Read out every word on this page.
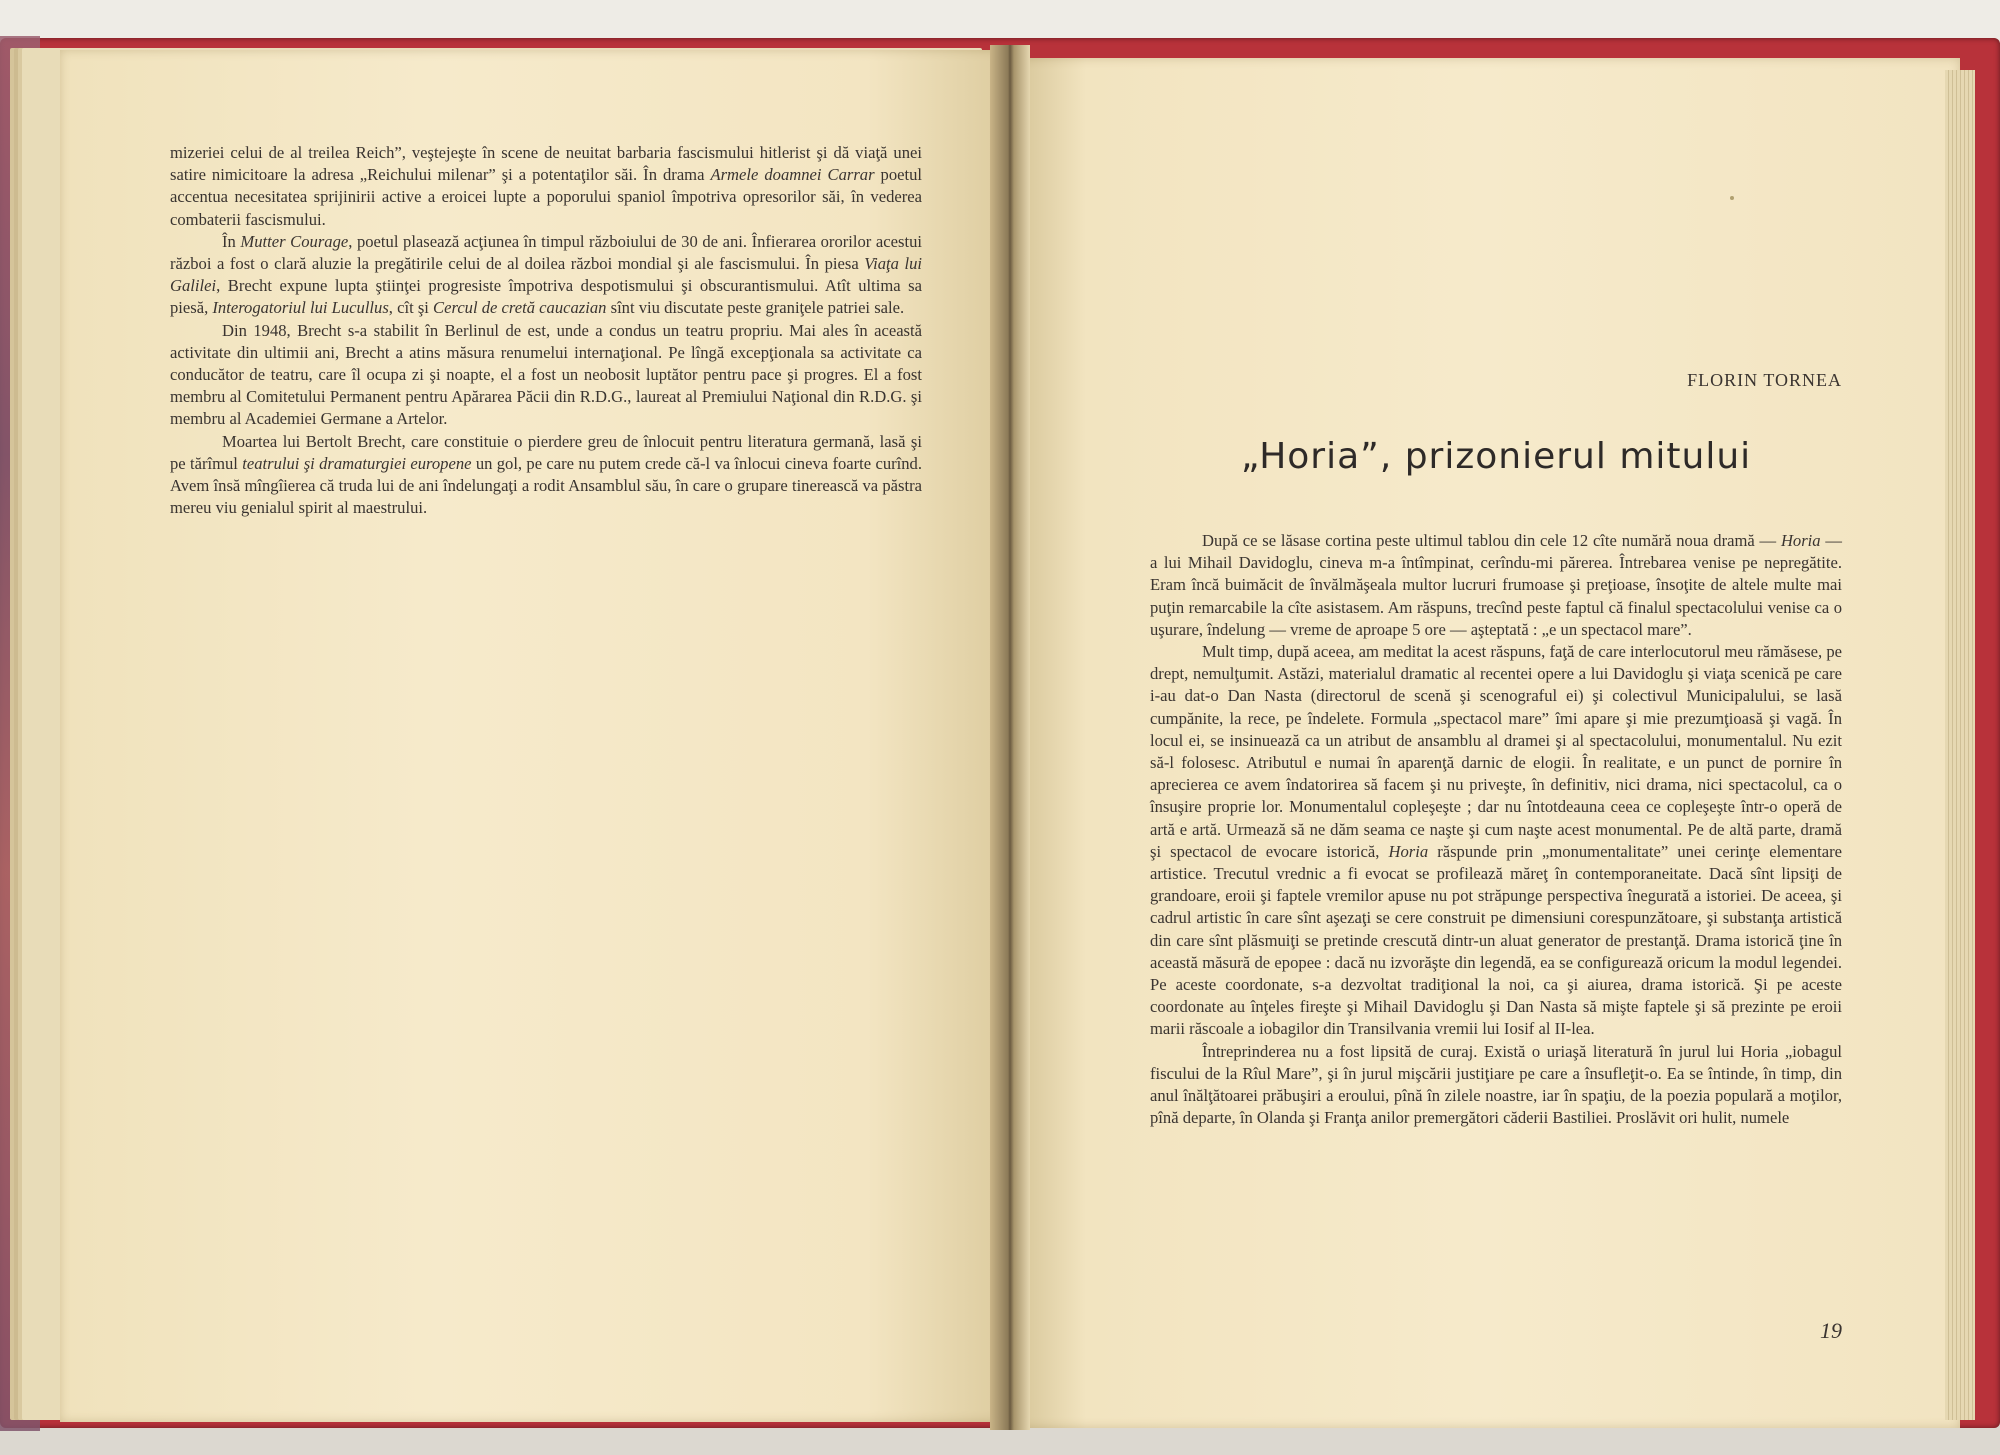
mizeriei celui de al treilea Reich”, veştejeşte în scene de neuitat barbaria fascismului hitlerist şi dă viaţă unei satire nimicitoare la adresa „Reichului milenar” şi a potentaţilor săi. În drama Armele doamnei Carrar poetul accentua necesitatea sprijinirii active a eroicei lupte a poporului spaniol împotriva opresorilor săi, în vederea combaterii fascismului.

În Mutter Courage, poetul plasează acţiunea în timpul războiului de 30 de ani. Înfierarea ororilor acestui război a fost o clară aluzie la pregătirile celui de al doilea război mondial şi ale fascismului. În piesa Viaţa lui Galilei, Brecht expune lupta ştiinţei progresiste împotriva despotismului şi obscurantismului. Atît ultima sa piesă, Interogatoriul lui Lucullus, cît şi Cercul de cretă caucazian sînt viu discutate peste graniţele patriei sale.

Din 1948, Brecht s-a stabilit în Berlinul de est, unde a condus un teatru propriu. Mai ales în această activitate din ultimii ani, Brecht a atins măsura renumelui internaţional. Pe lîngă excepţionala sa activitate ca conducător de teatru, care îl ocupa zi şi noapte, el a fost un neobosit luptător pentru pace şi progres. El a fost membru al Comitetului Permanent pentru Apărarea Păcii din R.D.G., laureat al Premiului Naţional din R.D.G. şi membru al Academiei Germane a Artelor.

Moartea lui Bertolt Brecht, care constituie o pierdere greu de înlocuit pentru literatura germană, lasă şi pe tărîmul teatrului şi dramaturgiei europene un gol, pe care nu putem crede că-l va înlocui cineva foarte curînd. Avem însă mîngîierea că truda lui de ani îndelungaţi a rodit Ansamblul său, în care o grupare tinerească va păstra mereu viu genialul spirit al maestrului.

FLORIN TORNEA
„Horia”, prizonierul mitului

După ce se lăsase cortina peste ultimul tablou din cele 12 cîte numără noua dramă — Horia — a lui Mihail Davidoglu, cineva m-a întîmpinat, cerîndu-mi părerea. Întrebarea venise pe nepregătite. Eram încă buimăcit de învălmăşeala multor lucruri frumoase şi preţioase, însoţite de altele multe mai puţin remarcabile la cîte asistasem. Am răspuns, trecînd peste faptul că finalul spectacolului venise ca o uşurare, îndelung — vreme de aproape 5 ore — aşteptată : „e un spectacol mare”.

Mult timp, după aceea, am meditat la acest răspuns, faţă de care interlocutorul meu rămăsese, pe drept, nemulţumit. Astăzi, materialul dramatic al recentei opere a lui Davidoglu şi viaţa scenică pe care i-au dat-o Dan Nasta (directorul de scenă şi scenograful ei) şi colectivul Municipalului, se lasă cumpănite, la rece, pe îndelete. Formula „spectacol mare” îmi apare şi mie prezumţioasă şi vagă. În locul ei, se insinuează ca un atribut de ansamblu al dramei şi al spectacolului, monumentalul. Nu ezit să-l folosesc. Atributul e numai în aparenţă darnic de elogii. În realitate, e un punct de pornire în aprecierea ce avem îndatorirea să facem şi nu priveşte, în definitiv, nici drama, nici spectacolul, ca o însuşire proprie lor. Monumentalul copleşeşte ; dar nu întotdeauna ceea ce copleşeşte într-o operă de artă e artă. Urmează să ne dăm seama ce naşte şi cum naşte acest monumental. Pe de altă parte, dramă şi spectacol de evocare istorică, Horia răspunde prin „monumentalitate” unei cerinţe elementare artistice. Trecutul vrednic a fi evocat se profilează măreţ în contemporaneitate. Dacă sînt lipsiţi de grandoare, eroii şi faptele vremilor apuse nu pot străpunge perspectiva înegurată a istoriei. De aceea, şi cadrul artistic în care sînt aşezaţi se cere construit pe dimensiuni corespunzătoare, şi substanţa artistică din care sînt plăsmuiţi se pretinde crescută dintr-un aluat generator de prestanţă. Drama istorică ţine în această măsură de epopee : dacă nu izvorăşte din legendă, ea se configurează oricum la modul legendei. Pe aceste coordonate, s-a dezvoltat tradiţional la noi, ca şi aiurea, drama istorică. Şi pe aceste coordonate au înţeles fireşte şi Mihail Davidoglu şi Dan Nasta să mişte faptele şi să prezinte pe eroii marii răscoale a iobagilor din Transilvania vremii lui Iosif al II-lea.

Întreprinderea nu a fost lipsită de curaj. Există o uriaşă literatură în jurul lui Horia „iobagul fiscului de la Rîul Mare”, şi în jurul mişcării justiţiare pe care a însufleţit-o. Ea se întinde, în timp, din anul înălţătoarei prăbuşiri a eroului, pînă în zilele noastre, iar în spaţiu, de la poezia populară a moţilor, pînă departe, în Olanda şi Franţa anilor premergători căderii Bastiliei. Proslăvit ori hulit, numele

19
